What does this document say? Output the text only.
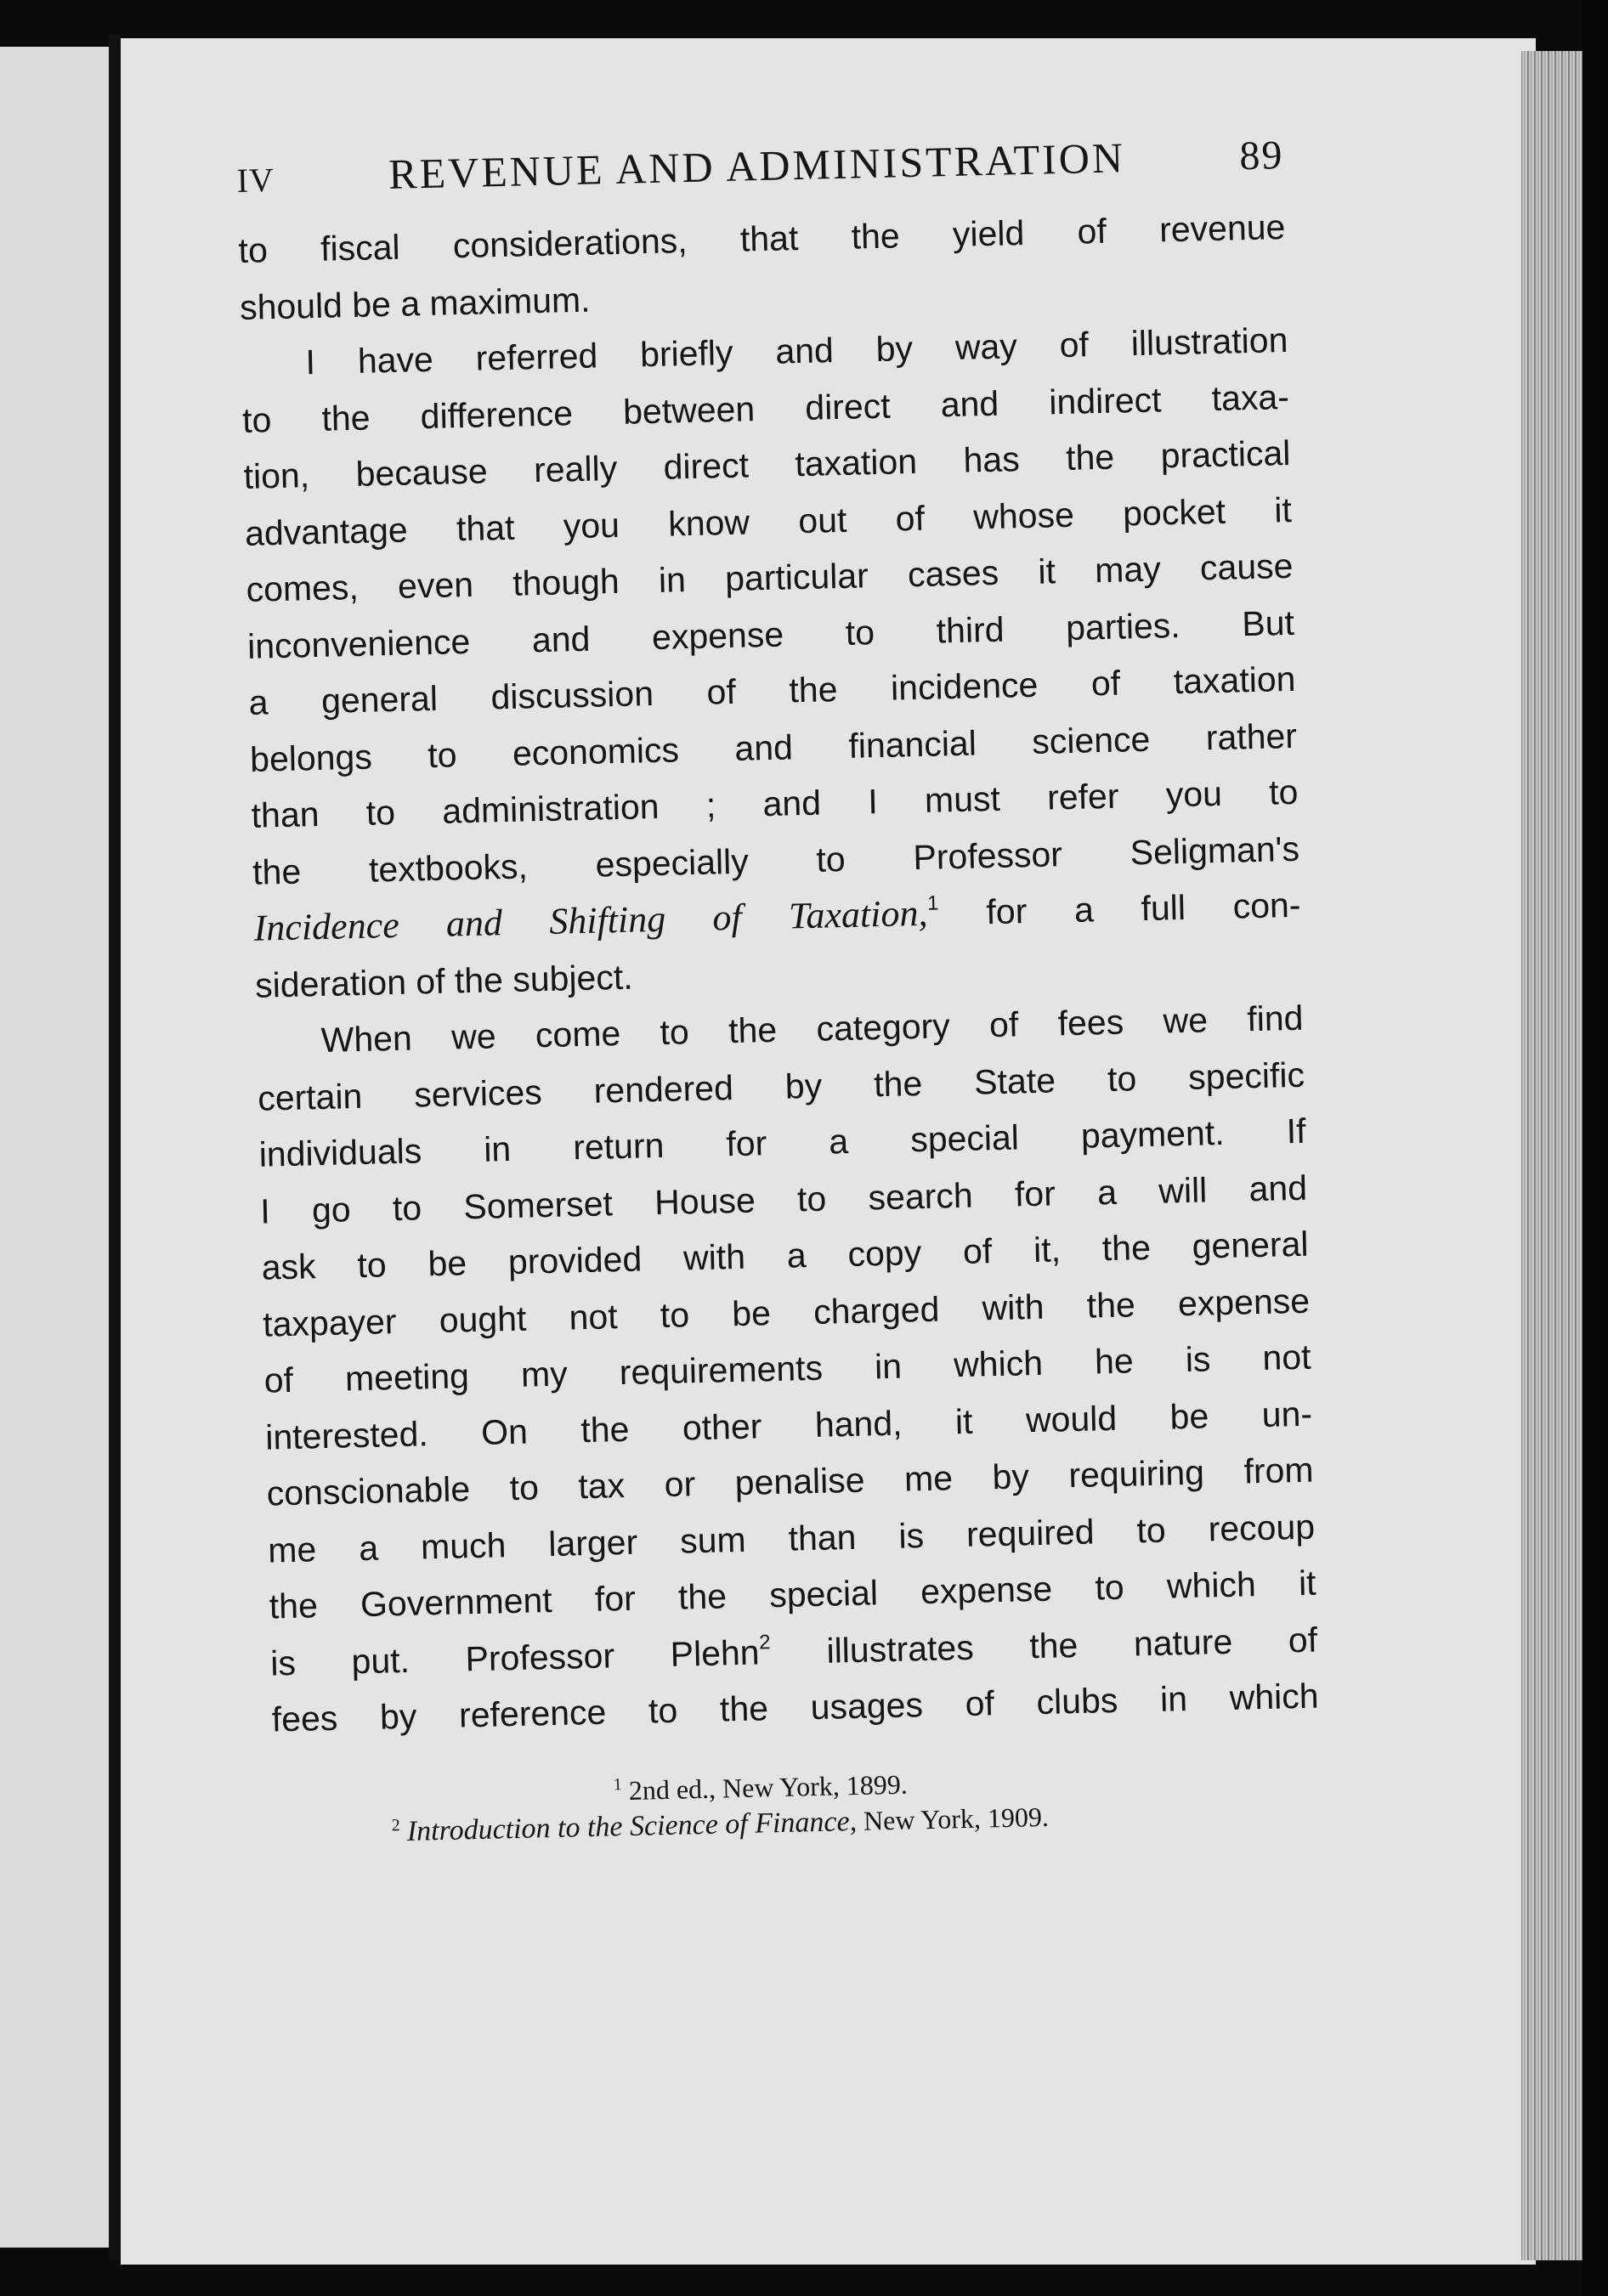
IV	REVENUE AND ADMINISTRATION	89
to fiscal considerations, that the yield of revenue
should be a maximum.
I have referred briefly and by way of illustration
to the difference between direct and indirect taxa-
tion, because really direct taxation has the practical
advantage that you know out of whose pocket it
comes, even though in particular cases it may cause
inconvenience and expense to third parties. But
a general discussion of the incidence of taxation
belongs to economics and financial science rather
than to administration ; and I must refer you to
the textbooks, especially to Professor Seligman's
Incidence and Shifting of Taxation,$^1$ for a full con-
sideration of the subject.
When we come to the category of fees we find
certain services rendered by the State to specific
individuals in return for a special payment. If
I go to Somerset House to search for a will and
ask to be provided with a copy of it, the general
taxpayer ought not to be charged with the expense
of meeting my requirements in which he is not
interested. On the other hand, it would be un-
conscionable to tax or penalise me by requiring from
me a much larger sum than is required to recoup
the Government for the special expense to which it
is put. Professor Plehn$^2$ illustrates the nature of
fees by reference to the usages of clubs in which
$^1$ 2nd ed., New York, 1899.
$^2$ Introduction to the Science of Finance, New York, 1909.
